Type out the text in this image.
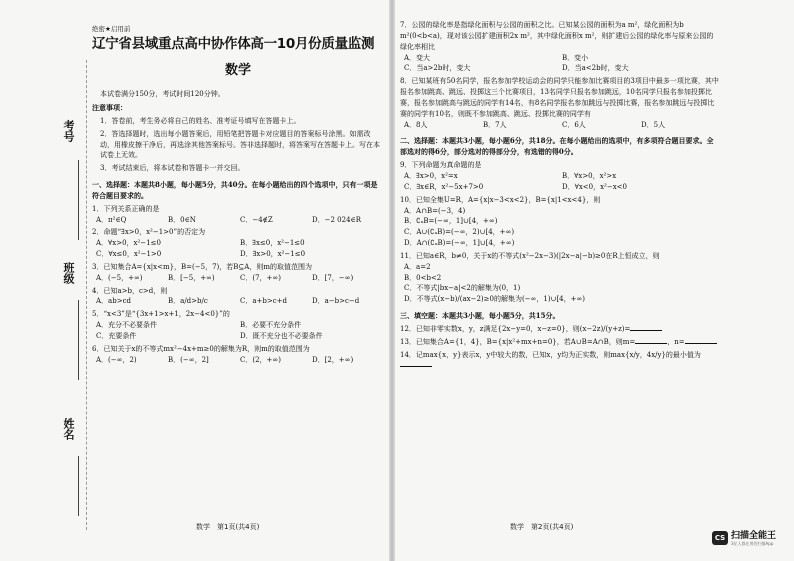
考号
班级
姓名
绝密★启用前
辽宁省县域重点高中协作体高一10月份质量监测
数学
本试卷满分150分，考试时间120分钟。
注意事项：
1．答卷前，考生务必将自己的姓名、准考证号填写在答题卡上。
2．答选择题时，选出每小题答案后，用铅笔把答题卡对应题目的答案标号涂黑。如需改动，用橡皮擦干净后，再选涂其他答案标号。答非选择题时，将答案写在答题卡上。写在本试卷上无效。
3．考试结束后，将本试卷和答题卡一并交回。
一、选择题：本题共8小题，每小题5分，共40分。在每小题给出的四个选项中，只有一项是符合题目要求的。
1．下列关系正确的是
A．π²∈Q	B．0∈N	C．−4∉Z	D．−2 024∈R
2．命题“∃x>0，x²−1>0”的否定为
A．∀x>0，x²−1≤0	B．∃x≤0，x²−1≤0
C．∀x≤0，x²−1>0	D．∃x>0，x²−1≤0
3．已知集合A={x|x<m}，B=(−5，7)，若B⊆A，则m的取值范围为
A．(−5，+∞)	B．[−5，+∞)	C．(7，+∞)	D．[7，−∞)
4．已知a>b，c>d，则
A．ab>cd	B．a/d>b/c	C．a+b>c+d	D．a−b>c−d
5．“x<3”是“{3x+1>x+1，2x−4<0}”的
A．充分不必要条件	B．必要不充分条件
C．充要条件	D．既不充分也不必要条件
6．已知关于x的不等式mx²−4x+m≥0的解集为R，则m的取值范围为
A．(−∞，2)	B．(−∞，2]	C．(2，+∞)	D．[2，+∞)
数学　第1页(共4页)
7．公园的绿化率是指绿化面积与公园的面积之比。已知某公园的面积为a m²，绿化面积为b m²(0<b<a)，现对该公园扩建面积2x m²，其中绿化面积x m²，则扩建后公园的绿化率与原来公园的绿化率相比
A．变大	B．变小
C．当a>2b时，变大	D．当a<2b时，变大
8．已知某班有50名同学，报名参加学校运动会的同学只能参加比赛项目的3项目中最多一项比赛，其中报名参加跳高、跳远、投掷这三个比赛项目，13名同学只报名参加跳远，10名同学只报名参加投掷比赛，报名参加跳高与跳远的同学有14名，有8名同学报名参加跳远与投掷比赛，报名参加跳远与投掷比赛的同学有10名，则既不参加跳高、跳远、投掷比赛的同学有
A．8人	B．7人	C．6人	D．5人
二、选择题：本题共3小题，每小题6分，共18分。在每小题给出的选项中，有多项符合题目要求。全部选对的得6分，部分选对的得部分分，有选错的得0分。
9．下列命题为真命题的是
A．∃x>0，x²=x	B．∀x>0，x²>x
C．∃x∈R，x²−5x+7>0	D．∀x<0，x²−x<0
10．已知全集U=R，A={x|x−3<x<2}，B={x|1<x<4}，则
A．A∩B=(−3，4)
B．∁ᵤB=(−∞，1]∪[4，+∞)
C．A∪(∁ᵤB)=(−∞，2)∪[4，+∞)
D．A∩(∁ᵤB)=(−∞，1]∪[4，+∞)
11．已知a∈R，b≠0，关于x的不等式(x²−2x−3)(|2x−a|−b)≥0在R上恒成立，则
A．a=2
B．0<b<2
C．不等式|bx−a|<2的解集为(0，1)
D．不等式(x−b)/(ax−2)≥0的解集为(−∞，1)∪[4，+∞)
三、填空题：本题共3小题，每小题5分，共15分。
12．已知非零实数x，y，z满足{2x−y=0，x−z=0}，则(x−2z)/(y+z)=
13．已知集合A={1，4}，B={x|x²+mx+n=0}，若A∪B=A∩B，则m=	，n=
14．记max{x，y}表示x，y中较大的数，已知x，y均为正实数，则max{x/y，4x/y}的最小值为
数学　第2页(共4页)
CS 扫描全能王
3亿人都在用的扫描App
